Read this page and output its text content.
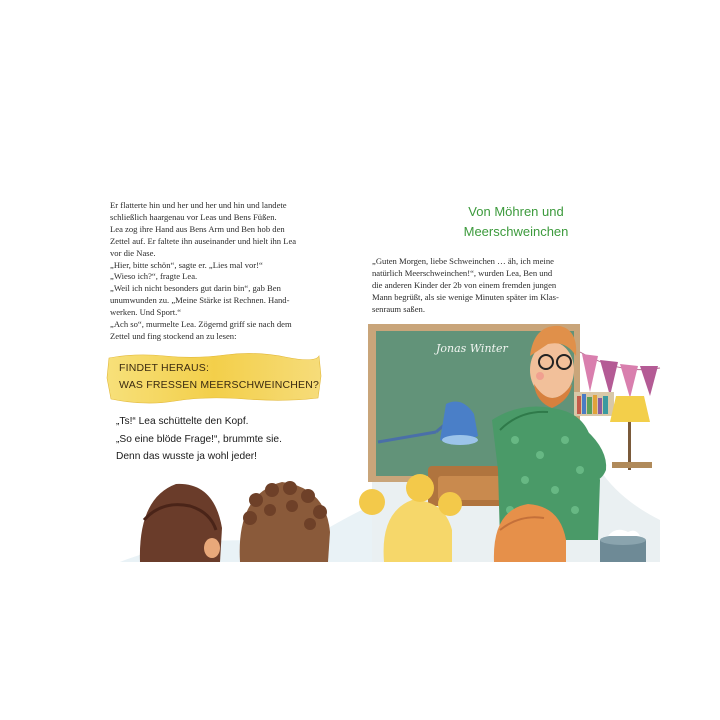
Er flatterte hin und her und her und hin und landete

schließlich haargenau vor Leas und Bens Füßen.

Lea zog ihre Hand aus Bens Arm und Ben hob den

Zettel auf. Er faltete ihn auseinander und hielt ihn Lea

vor die Nase.

„Hier, bitte schön“, sagte er. „Lies mal vor!“

„Wieso ich?“, fragte Lea.

„Weil ich nicht besonders gut darin bin“, gab Ben

unumwunden zu. „Meine Stärke ist Rechnen. Hand-

werken. Und Sport.“

„Ach so“, murmelte Lea. Zögernd griff sie nach dem

Zettel und fing stockend an zu lesen:

FINDET HERAUS:
WAS FRESSEN MEERSCHWEINCHEN?

„Ts!“ Lea schüttelte den Kopf.

„So eine blöde Frage!“, brummte sie.

Denn das wusste ja wohl jeder!

Von Möhren und
Meerschweinchen

„Guten Morgen, liebe Schweinchen … äh, ich meine

natürlich Meerschweinchen!“, wurden Lea, Ben und

die anderen Kinder der 2b von einem fremden jungen

Mann begrüßt, als sie wenige Minuten später im Klas-

senraum saßen.

Jonas Winter
